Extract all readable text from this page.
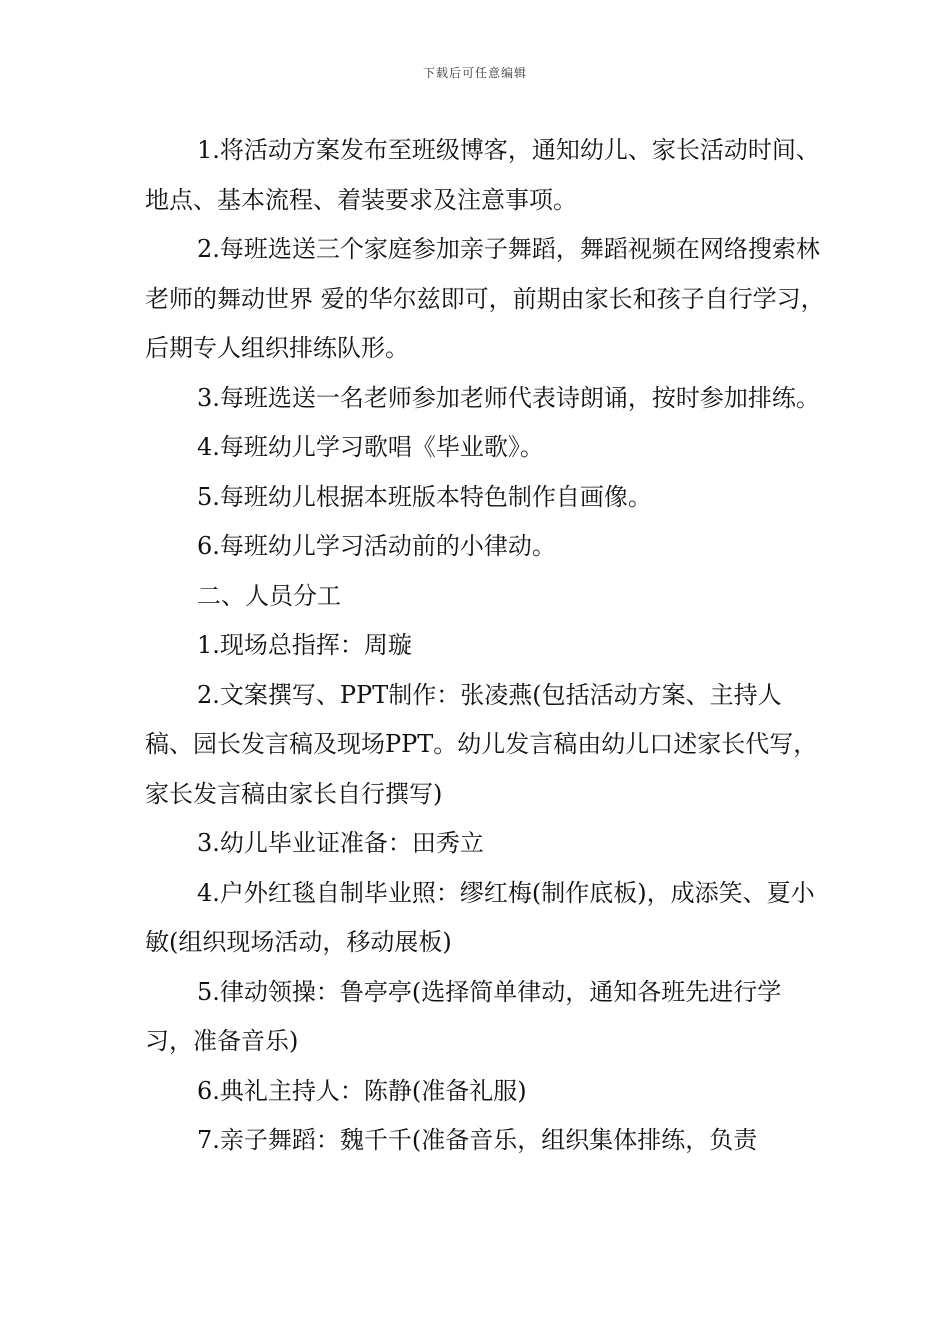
下载后可任意编辑

1.将活动方案发布至班级博客，通知幼儿、家长活动时间、地点、基本流程、着装要求及注意事项。

2.每班选送三个家庭参加亲子舞蹈，舞蹈视频在网络搜索林老师的舞动世界 爱的华尔兹即可，前期由家长和孩子自行学习，后期专人组织排练队形。

3.每班选送一名老师参加老师代表诗朗诵，按时参加排练。

4.每班幼儿学习歌唱《毕业歌》。

5.每班幼儿根据本班版本特色制作自画像。

6.每班幼儿学习活动前的小律动。

二、人员分工

1.现场总指挥：周璇

2.文案撰写、PPT制作：张凌燕(包括活动方案、主持人稿、园长发言稿及现场PPT。幼儿发言稿由幼儿口述家长代写，家长发言稿由家长自行撰写)

3.幼儿毕业证准备：田秀立

4.户外红毯自制毕业照：缪红梅(制作底板)，成添笑、夏小敏(组织现场活动，移动展板)

5.律动领操：鲁亭亭(选择简单律动，通知各班先进行学习，准备音乐)

6.典礼主持人：陈静(准备礼服)

7.亲子舞蹈：魏千千(准备音乐，组织集体排练，负责
